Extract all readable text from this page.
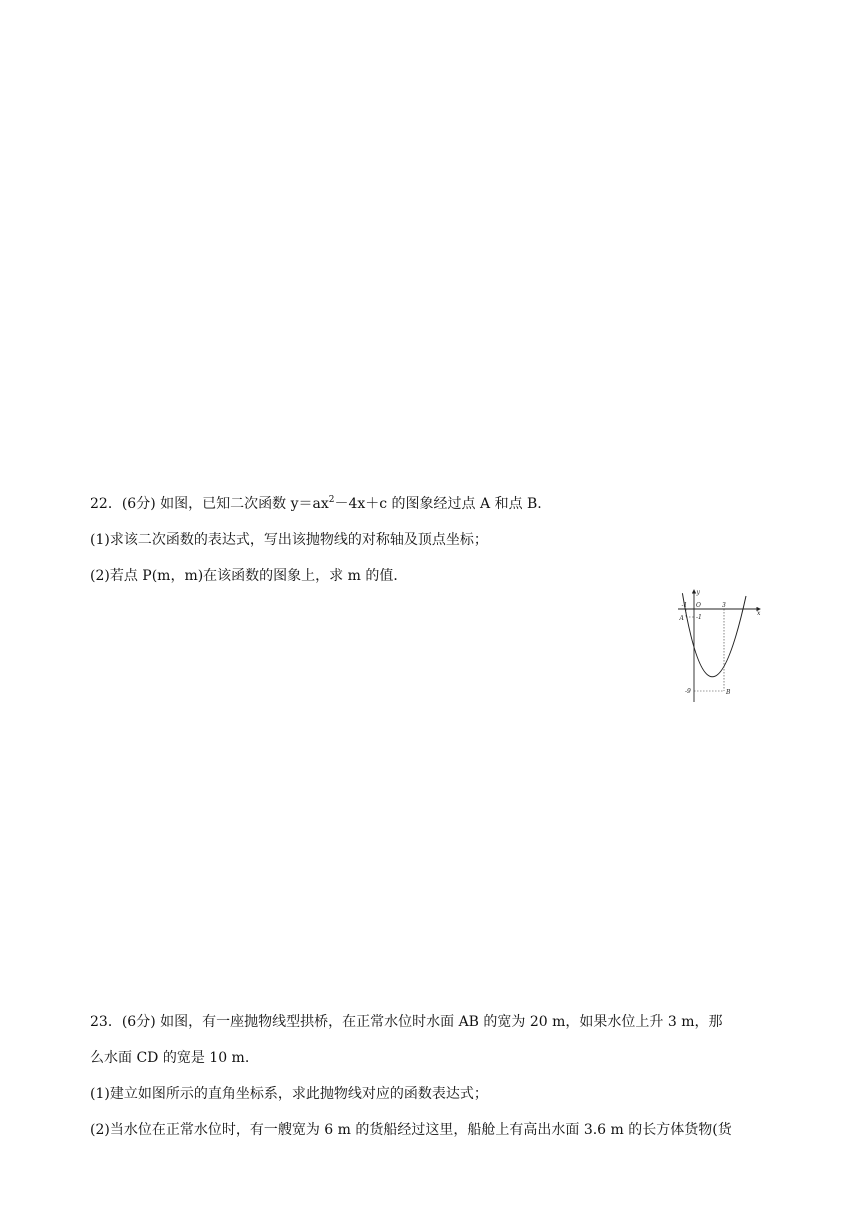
22．(6分) 如图，已知二次函数 $y=ax^2-4x+c$ 的图象经过点 A 和点 B.
(1)求该二次函数的表达式，写出该抛物线的对称轴及顶点坐标；
(2)若点 P(m，m)在该函数的图象上，求 m 的值．
y
x
O
-1	3
-1
-9
A
B
23．(6分) 如图，有一座抛物线型拱桥，在正常水位时水面 AB 的宽为 20 m，如果水位上升 3 m，那
么水面 CD 的宽是 10 m.
(1)建立如图所示的直角坐标系，求此抛物线对应的函数表达式；
(2)当水位在正常水位时，有一艘宽为 6 m 的货船经过这里，船舱上有高出水面 3.6 m 的长方体货物(货
